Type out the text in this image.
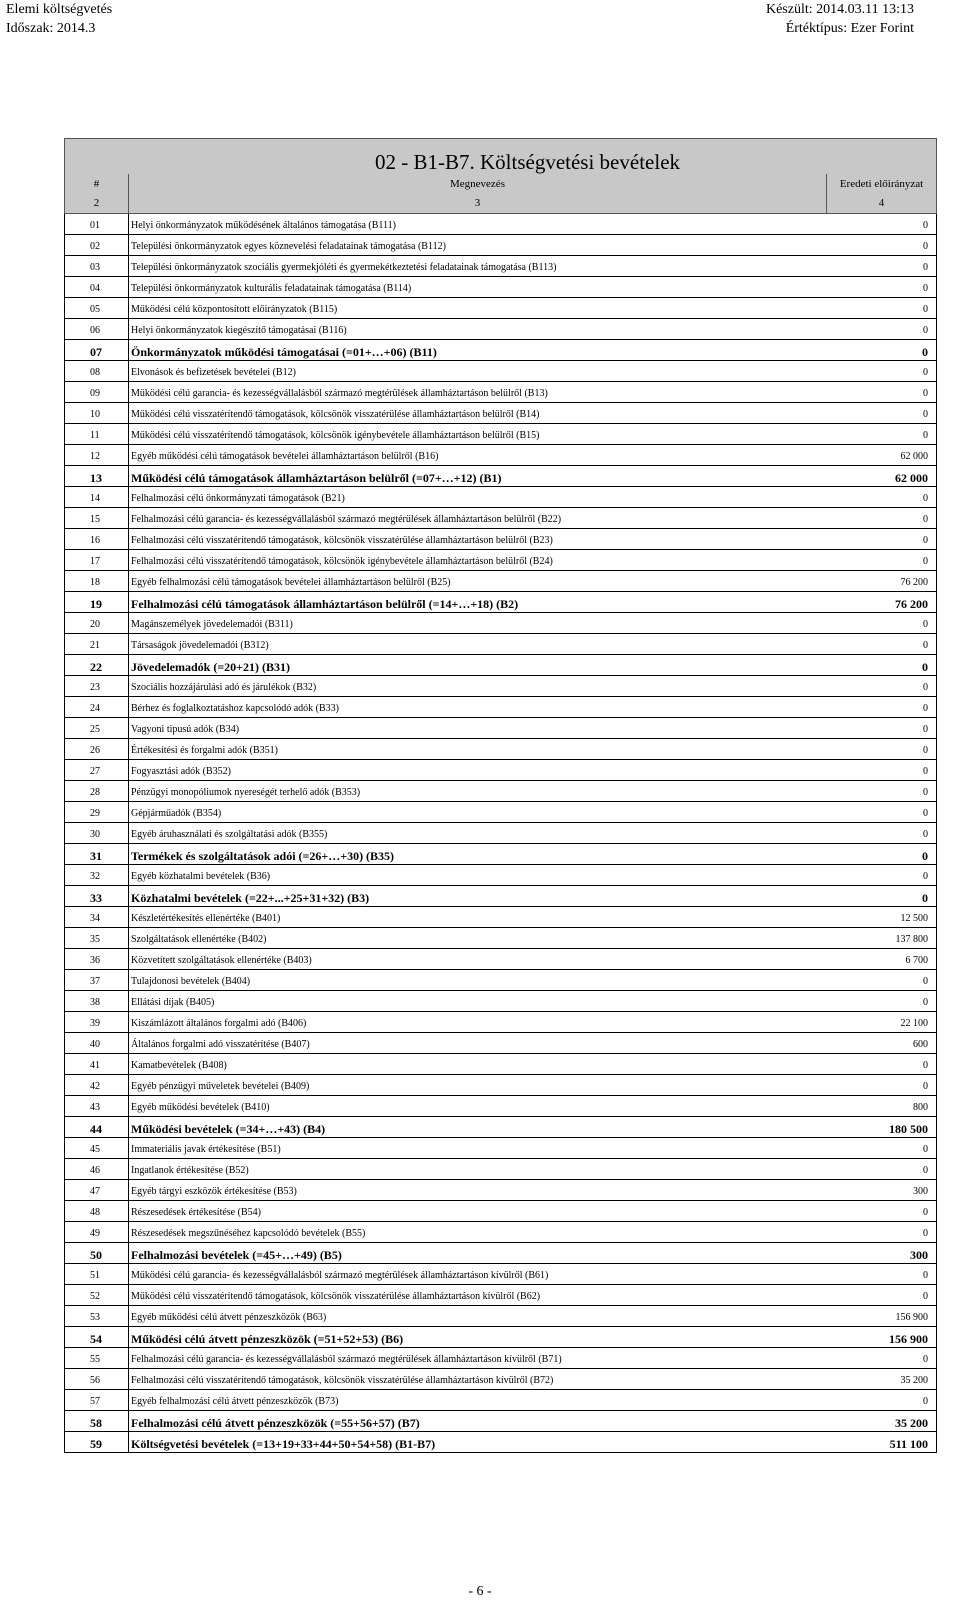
Elemi költségvetés
Időszak: 2014.3
Készült: 2014.03.11 13:13
Értéktípus: Ezer Forint
02 - B1-B7. Költségvetési bevételek		
#	Megnevezés	Eredeti előirányzat
2	3	4
01	Helyi önkormányzatok működésének általános támogatása (B111)	0
02	Települési önkormányzatok egyes köznevelési feladatainak támogatása (B112)	0
03	Települési önkormányzatok szociális gyermekjóléti és gyermekétkeztetési feladatainak támogatása (B113)	0
04	Települési önkormányzatok kulturális feladatainak támogatása (B114)	0
05	Működési célú központosított előirányzatok (B115)	0
06	Helyi önkormányzatok kiegészítő támogatásai (B116)	0
07	Önkormányzatok működési támogatásai (=01+…+06) (B11)	0
08	Elvonások és befizetések bevételei (B12)	0
09	Működési célú garancia- és kezességvállalásból származó megtérülések államháztartáson belülről (B13)	0
10	Működési célú visszatérítendő támogatások, kölcsönök visszatérülése államháztartáson belülről (B14)	0
11	Működési célú visszatérítendő támogatások, kölcsönök igénybevétele államháztartáson belülről (B15)	0
12	Egyéb működési célú támogatások bevételei államháztartáson belülről (B16)	62 000
13	Működési célú támogatások államháztartáson belülről (=07+…+12) (B1)	62 000
14	Felhalmozási célú önkormányzati támogatások (B21)	0
15	Felhalmozási célú garancia- és kezességvállalásból származó megtérülések államháztartáson belülről (B22)	0
16	Felhalmozási célú visszatérítendő támogatások, kölcsönök visszatérülése államháztartáson belülről (B23)	0
17	Felhalmozási célú visszatérítendő támogatások, kölcsönök igénybevétele államháztartáson belülről (B24)	0
18	Egyéb felhalmozási célú támogatások bevételei államháztartáson belülről (B25)	76 200
19	Felhalmozási célú támogatások államháztartáson belülről (=14+…+18) (B2)	76 200
20	Magánszemélyek jövedelemadói (B311)	0
21	Társaságok jövedelemadói (B312)	0
22	Jövedelemadók (=20+21) (B31)	0
23	Szociális hozzájárulási adó és járulékok (B32)	0
24	Bérhez és foglalkoztatáshoz kapcsolódó adók (B33)	0
25	Vagyoni tipusú adók (B34)	0
26	Értékesítési és forgalmi adók (B351)	0
27	Fogyasztási adók (B352)	0
28	Pénzügyi monopóliumok nyereségét terhelő adók (B353)	0
29	Gépjárműadók (B354)	0
30	Egyéb áruhasználati és szolgáltatási adók (B355)	0
31	Termékek és szolgáltatások adói (=26+…+30) (B35)	0
32	Egyéb közhatalmi bevételek (B36)	0
33	Közhatalmi bevételek (=22+...+25+31+32) (B3)	0
34	Készletértékesítés ellenértéke (B401)	12 500
35	Szolgáltatások ellenértéke (B402)	137 800
36	Közvetített szolgáltatások ellenértéke (B403)	6 700
37	Tulajdonosi bevételek (B404)	0
38	Ellátási díjak (B405)	0
39	Kiszámlázott általános forgalmi adó (B406)	22 100
40	Általános forgalmi adó visszatérítése (B407)	600
41	Kamatbevételek (B408)	0
42	Egyéb pénzügyi műveletek bevételei (B409)	0
43	Egyéb működési bevételek (B410)	800
44	Működési bevételek (=34+…+43) (B4)	180 500
45	Immateriális javak értékesítése (B51)	0
46	Ingatlanok értékesítése (B52)	0
47	Egyéb tárgyi eszközök értékesítése (B53)	300
48	Részesedések értékesítése (B54)	0
49	Részesedések megszűnéséhez kapcsolódó bevételek (B55)	0
50	Felhalmozási bevételek (=45+…+49) (B5)	300
51	Működési célú garancia- és kezességvállalásból származó megtérülések államháztartáson kívülről (B61)	0
52	Működési célú visszatérítendő támogatások, kölcsönök visszatérülése államháztartáson kívülről (B62)	0
53	Egyéb működési célú átvett pénzeszközök (B63)	156 900
54	Működési célú átvett pénzeszközök (=51+52+53) (B6)	156 900
55	Felhalmozási célú garancia- és kezességvállalásból származó megtérülések államháztartáson kívülről (B71)	0
56	Felhalmozási célú visszatérítendő támogatások, kölcsönök visszatérülése államháztartáson kívülről (B72)	35 200
57	Egyéb felhalmozási célú átvett pénzeszközök (B73)	0
58	Felhalmozási célú átvett pénzeszközök (=55+56+57) (B7)	35 200
59	Költségvetési bevételek (=13+19+33+44+50+54+58) (B1-B7)	511 100
- 6 -
